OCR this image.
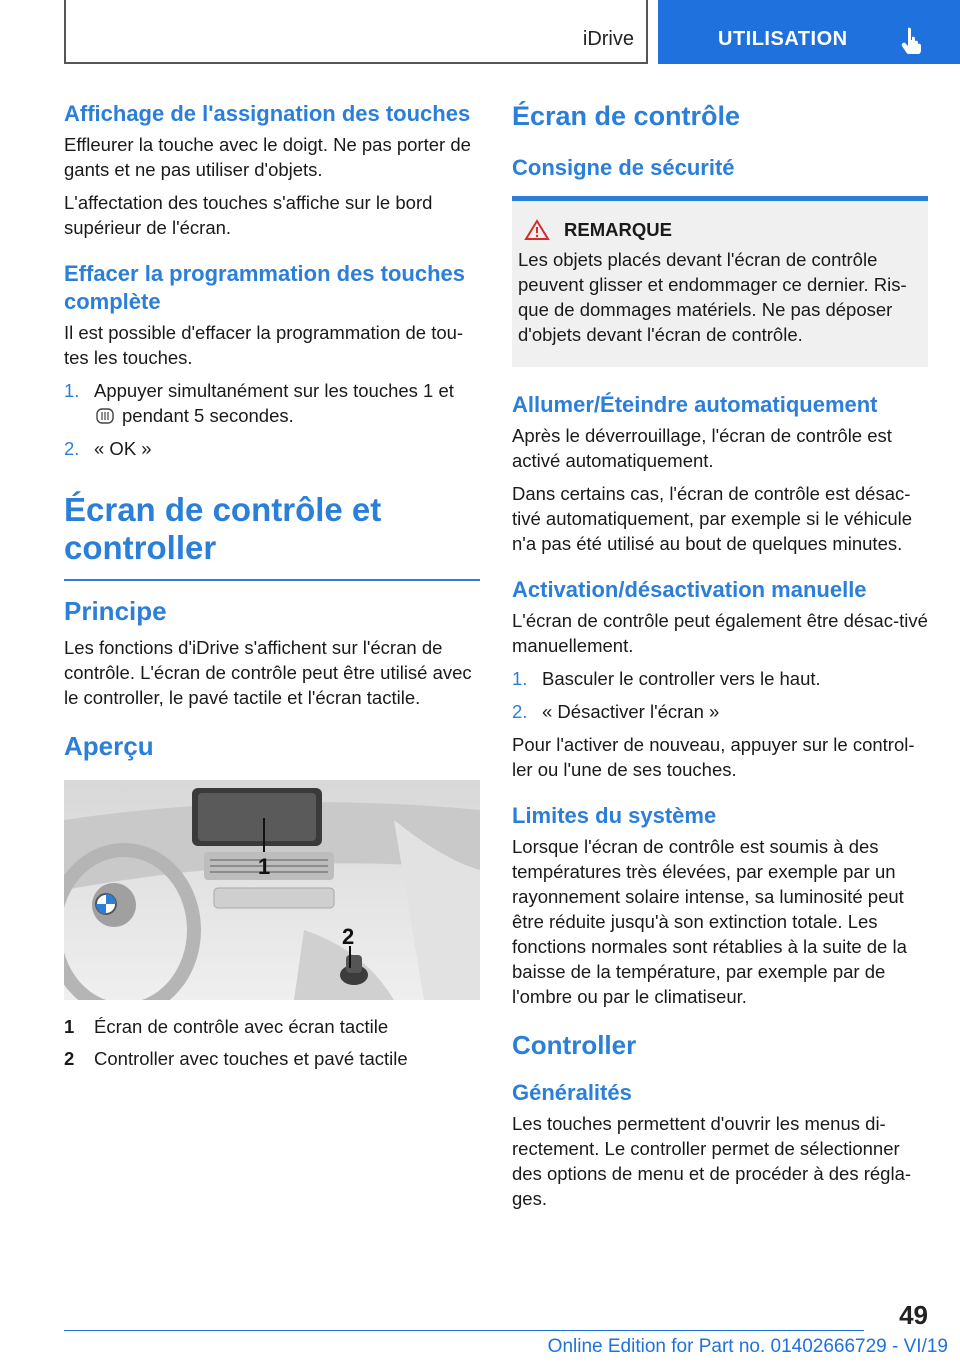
iDrive	UTILISATION
Affichage de l'assignation des touches

Effleurer la touche avec le doigt. Ne pas porter de gants et ne pas utiliser d'objets.

L'affectation des touches s'affiche sur le bord supérieur de l'écran.

Effacer la programmation des touches complète

Il est possible d'effacer la programmation de tou-tes les touches.

1. Appuyer simultanément sur les touches 1 et
pendant 5 secondes.
2. « OK »
Écran de contrôle et controller
Principe

Les fonctions d'iDrive s'affichent sur l'écran de contrôle. L'écran de contrôle peut être utilisé avec le controller, le pavé tactile et l'écran tactile.

Aperçu
1
2
1	Écran de contrôle avec écran tactile
2	Controller avec touches et pavé tactile
Écran de contrôle
Consigne de sécurité
REMARQUE

Les objets placés devant l'écran de contrôle peuvent glisser et endommager ce dernier. Ris-que de dommages matériels. Ne pas déposer d'objets devant l'écran de contrôle.

Allumer/Éteindre automatiquement

Après le déverrouillage, l'écran de contrôle est activé automatiquement.

Dans certains cas, l'écran de contrôle est désac-tivé automatiquement, par exemple si le véhicule n'a pas été utilisé au bout de quelques minutes.

Activation/désactivation manuelle

L'écran de contrôle peut également être désac-tivé manuellement.

1. Basculer le controller vers le haut.
2. « Désactiver l'écran »

Pour l'activer de nouveau, appuyer sur le control-ler ou l'une de ses touches.

Limites du système

Lorsque l'écran de contrôle est soumis à des températures très élevées, par exemple par un rayonnement solaire intense, sa luminosité peut être réduite jusqu'à son extinction totale. Les fonctions normales sont rétablies à la suite de la baisse de la température, par exemple par de l'ombre ou par le climatiseur.

Controller
Généralités

Les touches permettent d'ouvrir les menus di-rectement. Le controller permet de sélectionner des options de menu et de procéder à des régla-ges.

49
Online Edition for Part no. 01402666729 - VI/19
